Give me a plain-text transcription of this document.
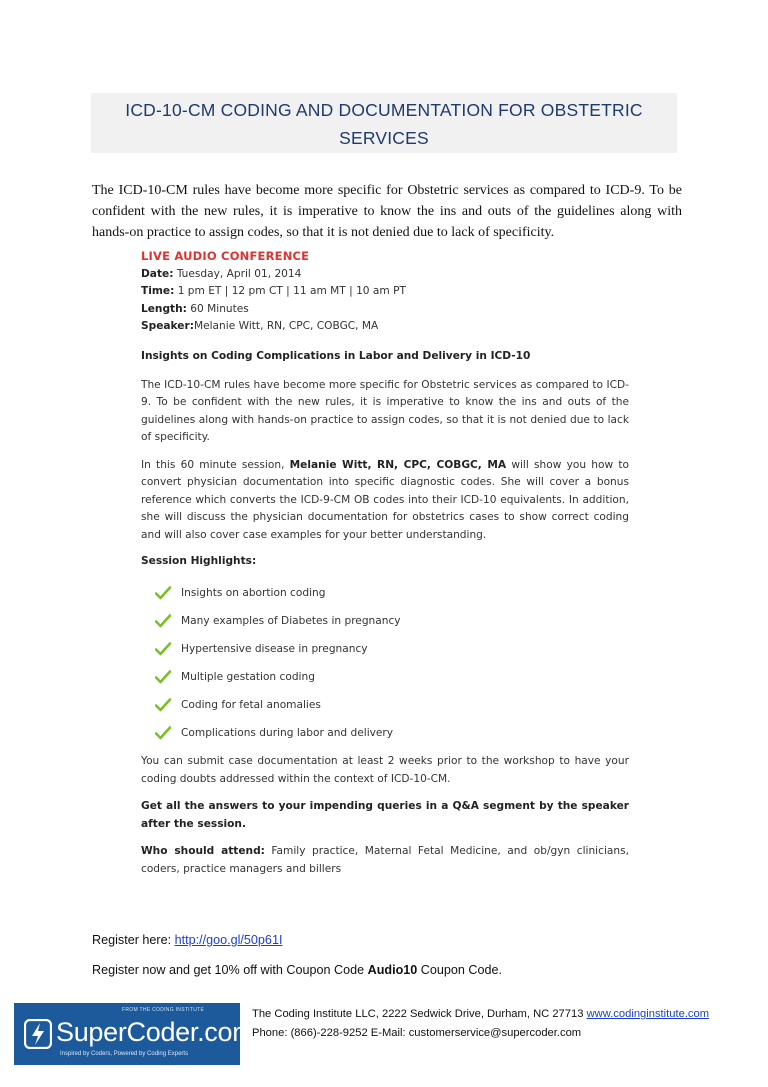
ICD-10-CM CODING AND DOCUMENTATION FOR OBSTETRIC
SERVICES
The ICD-10-CM rules have become more specific for Obstetric services as compared to ICD-9. To be confident with the new rules, it is imperative to know the ins and outs of the guidelines along with hands-on practice to assign codes, so that it is not denied due to lack of specificity.
LIVE AUDIO CONFERENCE
Date: Tuesday, April 01, 2014
Time: 1 pm ET | 12 pm CT | 11 am MT | 10 am PT
Length: 60 Minutes
Speaker:Melanie Witt, RN, CPC, COBGC, MA
Insights on Coding Complications in Labor and Delivery in ICD-10

The ICD-10-CM rules have become more specific for Obstetric services as compared to ICD-9. To be confident with the new rules, it is imperative to know the ins and outs of the guidelines along with hands-on practice to assign codes, so that it is not denied due to lack of specificity.

In this 60 minute session, Melanie Witt, RN, CPC, COBGC, MA will show you how to convert physician documentation into specific diagnostic codes. She will cover a bonus reference which converts the ICD-9-CM OB codes into their ICD-10 equivalents. In addition, she will discuss the physician documentation for obstetrics cases to show correct coding and will also cover case examples for your better understanding.

Session Highlights:
Insights on abortion coding
Many examples of Diabetes in pregnancy
Hypertensive disease in pregnancy
Multiple gestation coding
Coding for fetal anomalies
Complications during labor and delivery

You can submit case documentation at least 2 weeks prior to the workshop to have your coding doubts addressed within the context of ICD-10-CM.

Get all the answers to your impending queries in a Q&A segment by the speaker after the session.

Who should attend: Family practice, Maternal Fetal Medicine, and ob/gyn clinicians, coders, practice managers and billers

Register here: http://goo.gl/50p61I
Register now and get 10% off with Coupon Code Audio10 Coupon Code.
FROM THE CODING INSTITUTE
SuperCoder.com
Inspired by Coders, Powered by Coding Experts
The Coding Institute LLC, 2222 Sedwick Drive, Durham, NC 27713 www.codinginstitute.com
Phone: (866)-228-9252 E-Mail: customerservice@supercoder.com
